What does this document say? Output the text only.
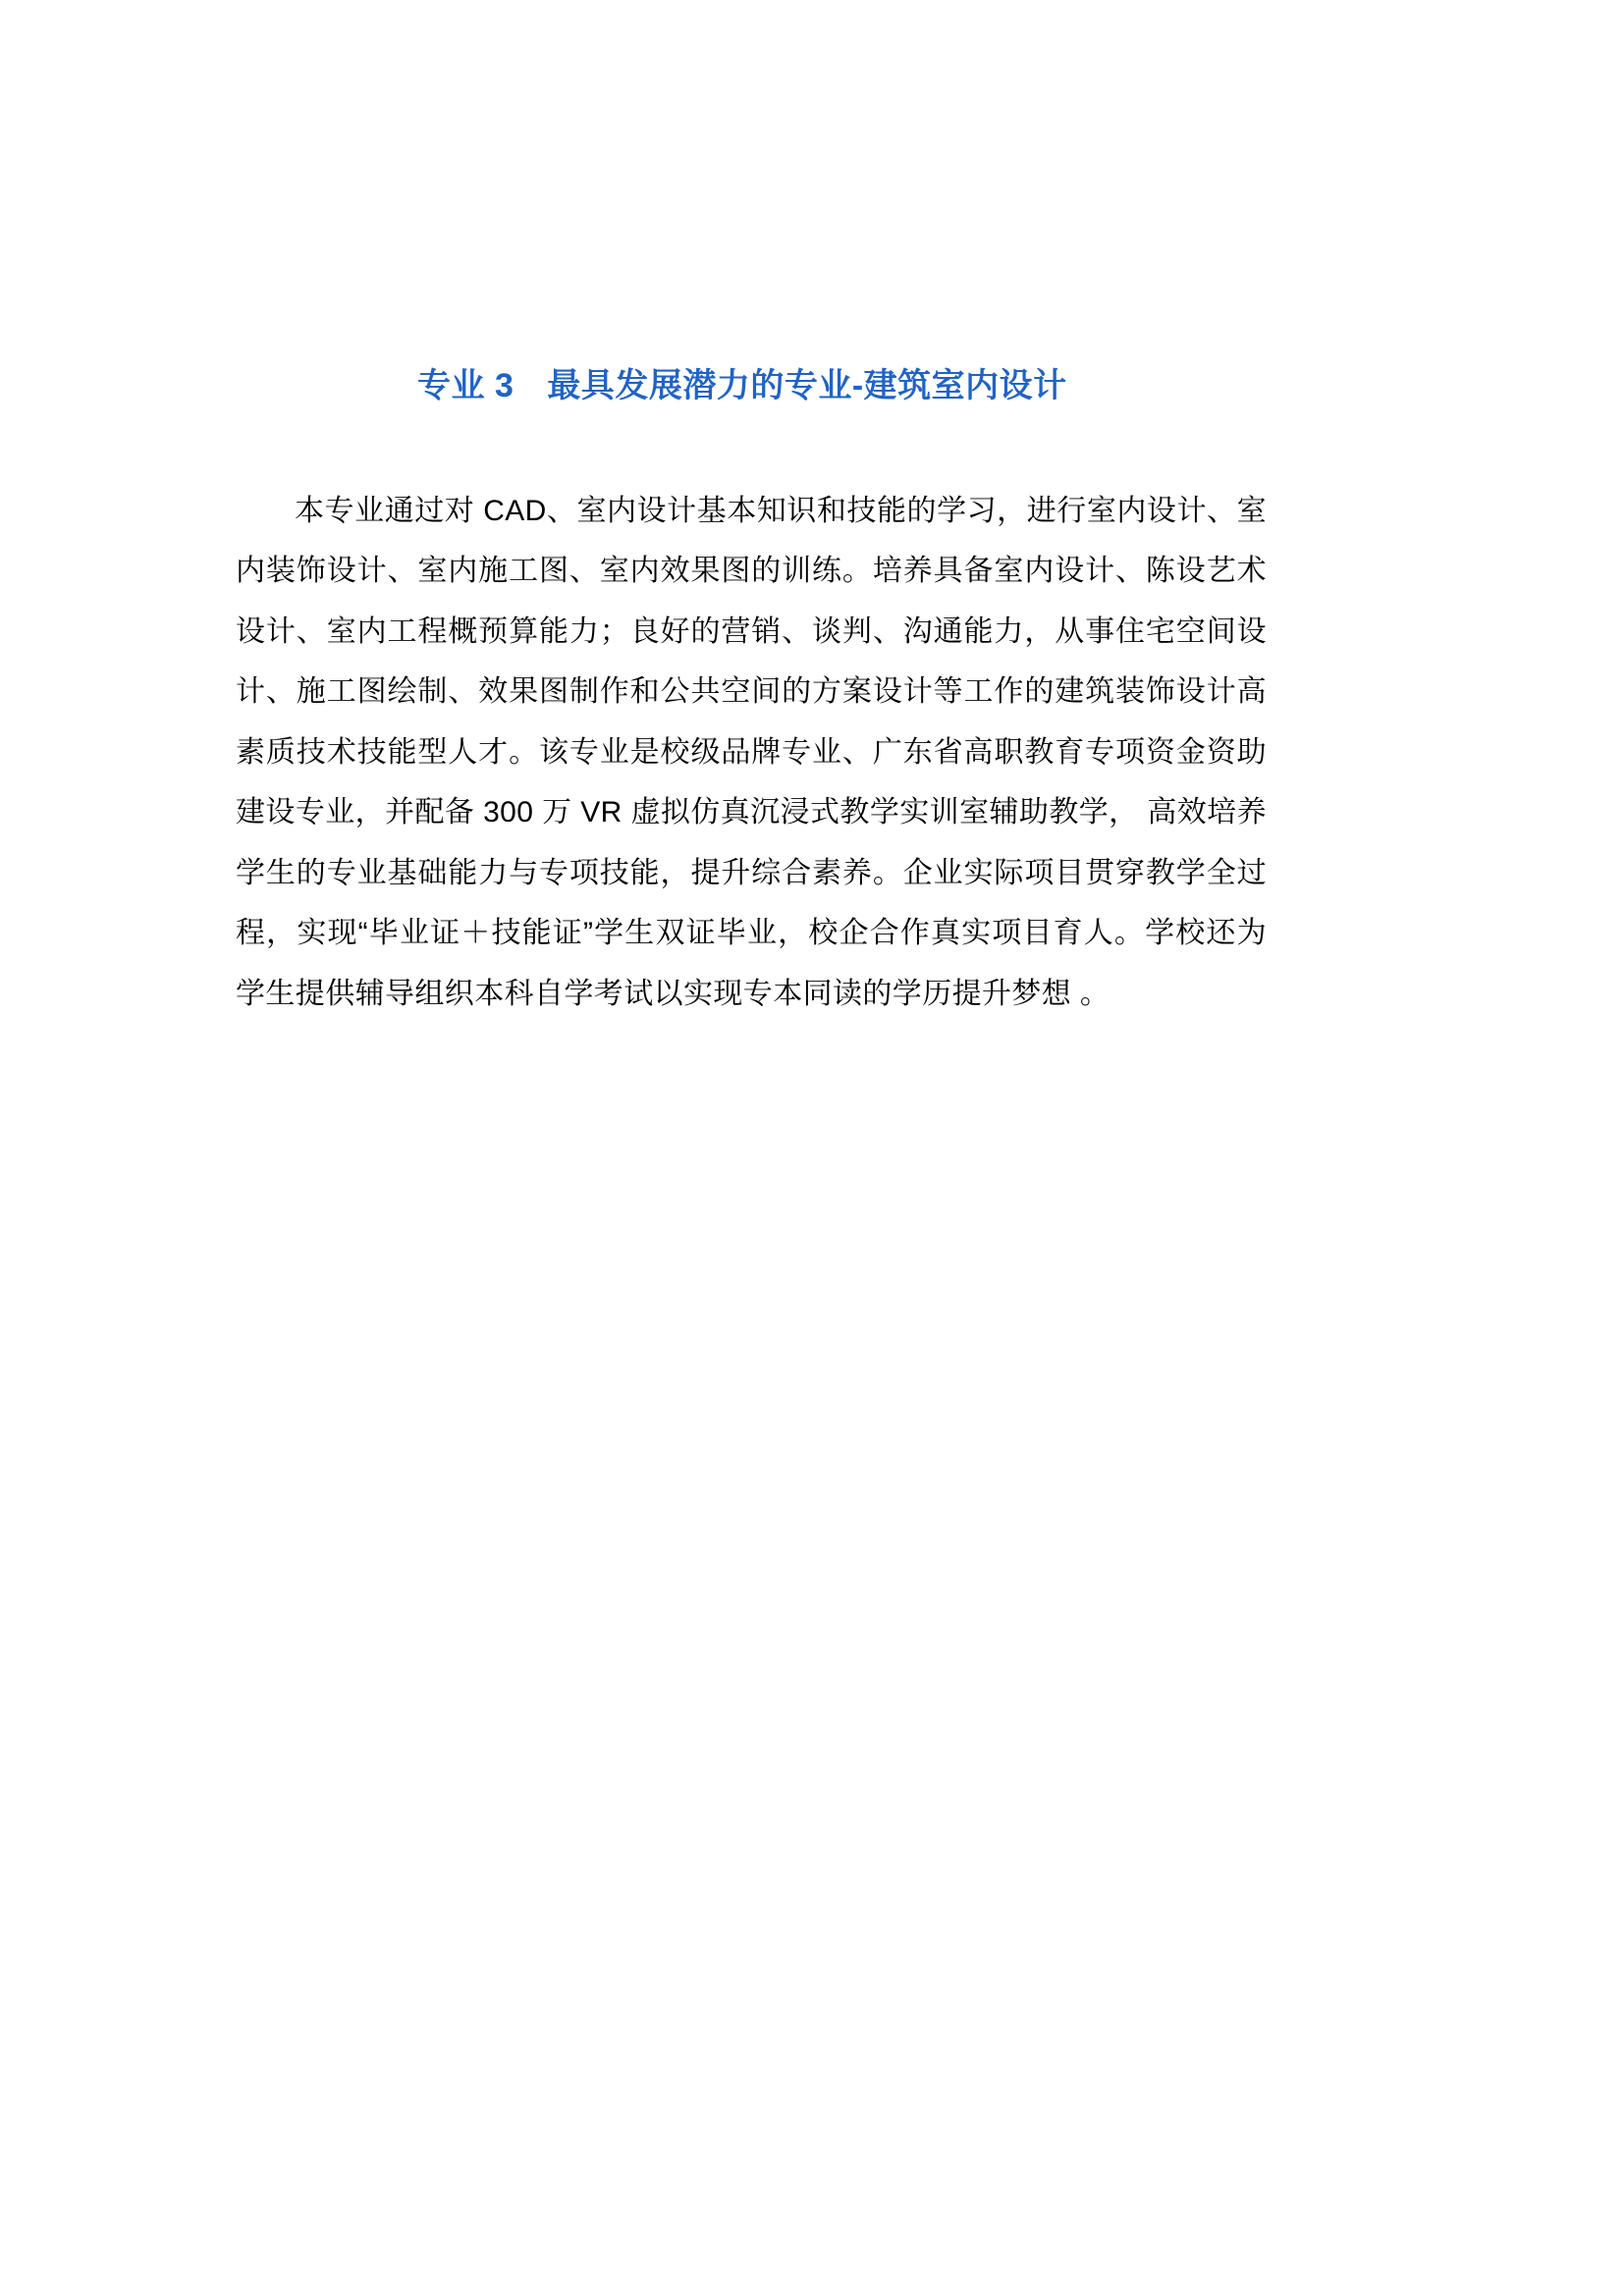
专业 3 最具发展潜力的专业-建筑室内设计

本专业通过对 CAD、室内设计基本知识和技能的学习，进行室内设计、室内装饰设计、室内施工图、室内效果图的训练。培养具备室内设计、陈设艺术设计、室内工程概预算能力；良好的营销、谈判、沟通能力，从事住宅空间设计、施工图绘制、效果图制作和公共空间的方案设计等工作的建筑装饰设计高素质技术技能型人才。该专业是校级品牌专业、广东省高职教育专项资金资助建设专业，并配备 300 万 VR 虚拟仿真沉浸式教学实训室辅助教学， 高效培养学生的专业基础能力与专项技能，提升综合素养。企业实际项目贯穿教学全过程，实现“毕业证＋技能证”学生双证毕业，校企合作真实项目育人。学校还为学生提供辅导组织本科自学考试以实现专本同读的学历提升梦想 。
